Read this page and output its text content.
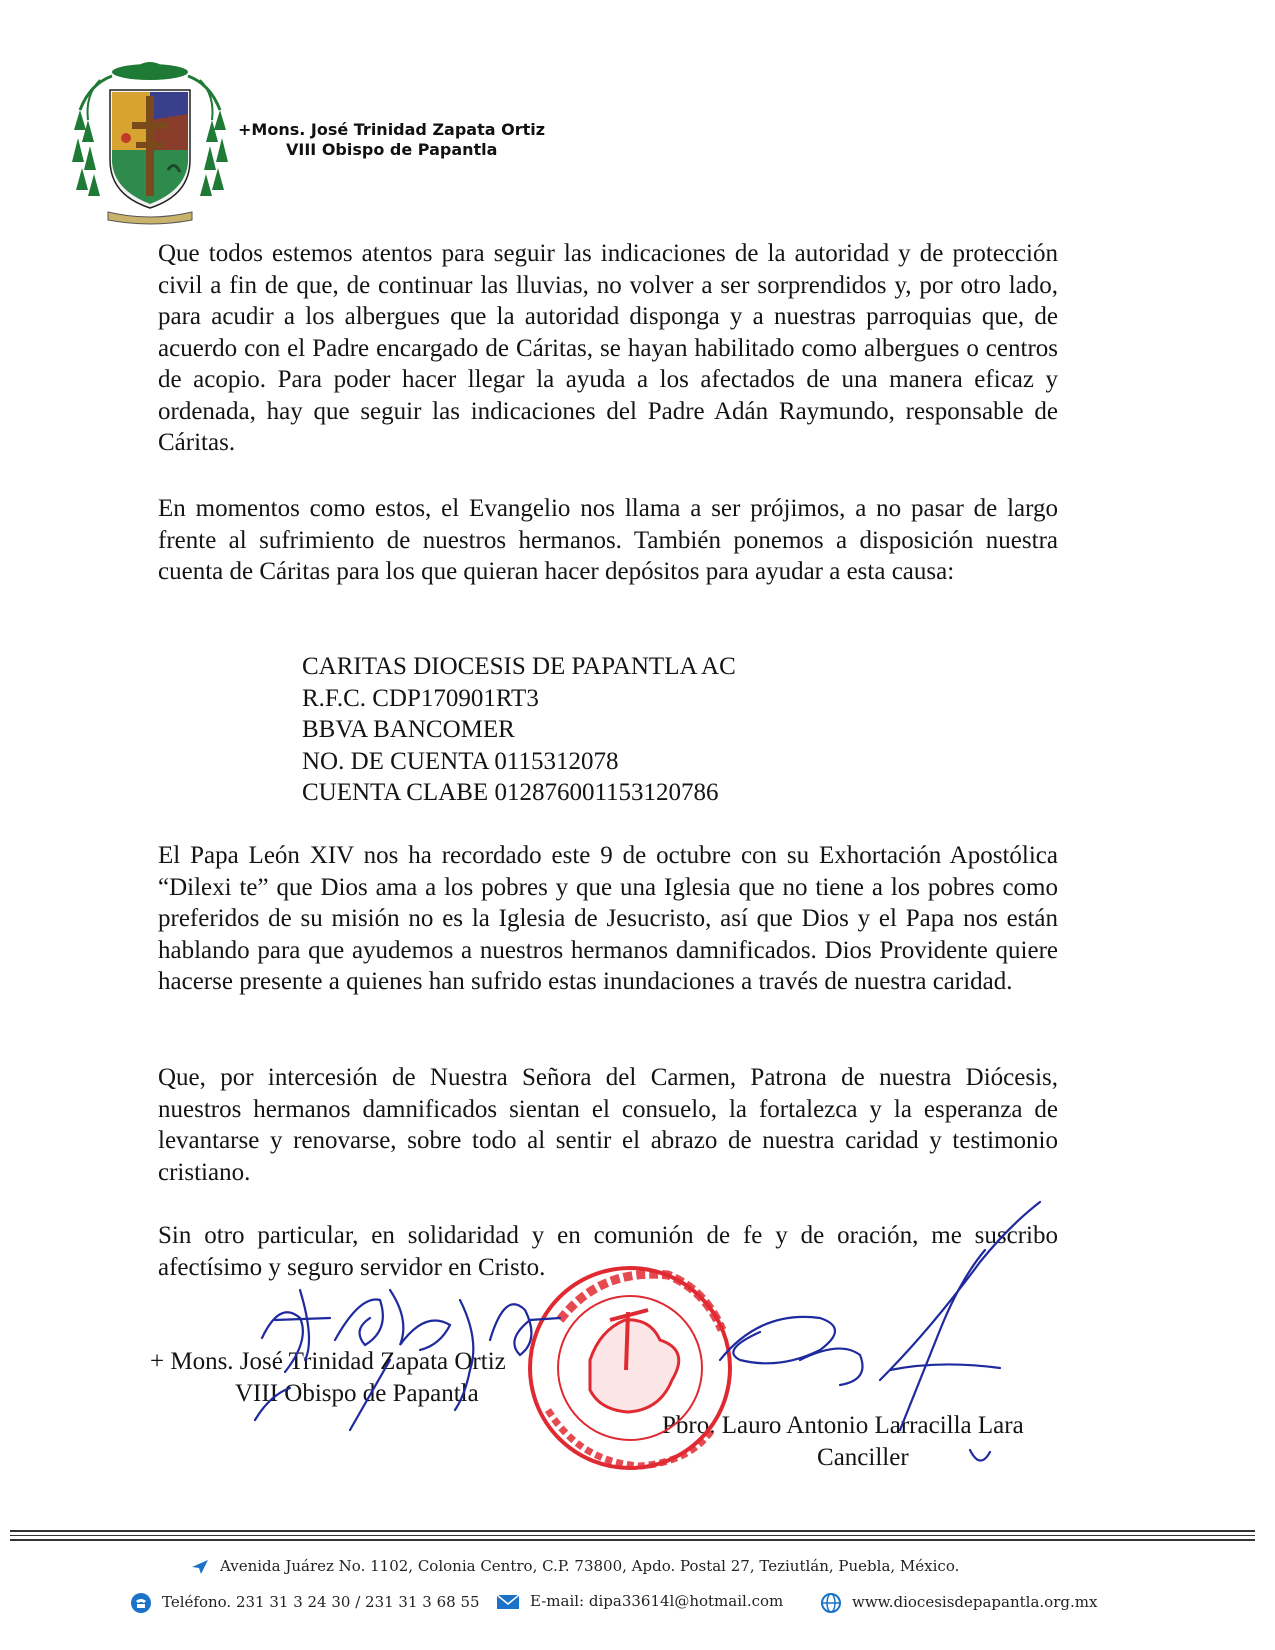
+Mons. José Trinidad Zapata Ortiz
VIII Obispo de Papantla

Que todos estemos atentos para seguir las indicaciones de la autoridad y de protección civil a fin de que, de continuar las lluvias, no volver a ser sorprendidos y, por otro lado, para acudir a los albergues que la autoridad disponga y a nuestras parroquias que, de acuerdo con el Padre encargado de Cáritas, se hayan habilitado como albergues o centros de acopio. Para poder hacer llegar la ayuda a los afectados de una manera eficaz y ordenada, hay que seguir las indicaciones del Padre Adán Raymundo, responsable de Cáritas.

En momentos como estos, el Evangelio nos llama a ser prójimos, a no pasar de largo frente al sufrimiento de nuestros hermanos. También ponemos a disposición nuestra cuenta de Cáritas para los que quieran hacer depósitos para ayudar a esta causa:

CARITAS DIOCESIS DE PAPANTLA AC
R.F.C. CDP170901RT3
BBVA BANCOMER
NO. DE CUENTA 0115312078
CUENTA CLABE 012876001153120786

El Papa León XIV nos ha recordado este 9 de octubre con su Exhortación Apostólica “Dilexi te” que Dios ama a los pobres y que una Iglesia que no tiene a los pobres como preferidos de su misión no es la Iglesia de Jesucristo, así que Dios y el Papa nos están hablando para que ayudemos a nuestros hermanos damnificados. Dios Providente quiere hacerse presente a quienes han sufrido estas inundaciones a través de nuestra caridad.

Que, por intercesión de Nuestra Señora del Carmen, Patrona de nuestra Diócesis, nuestros hermanos damnificados sientan el consuelo, la fortalezca y la esperanza de levantarse y renovarse, sobre todo al sentir el abrazo de nuestra caridad y testimonio cristiano.

Sin otro particular, en solidaridad y en comunión de fe y de oración, me suscribo afectísimo y seguro servidor en Cristo.

+ Mons. José Trinidad Zapata Ortiz
VIII Obispo de Papantla
Pbro. Lauro Antonio Larracilla Lara
Canciller
Avenida Juárez No. 1102, Colonia Centro, C.P. 73800, Apdo. Postal 27, Teziutlán, Puebla, México.
Teléfono. 231 31 3 24 30 / 231 31 3 68 55	E-mail: dipa33614l@hotmail.com	www.diocesisdepapantla.org.mx
